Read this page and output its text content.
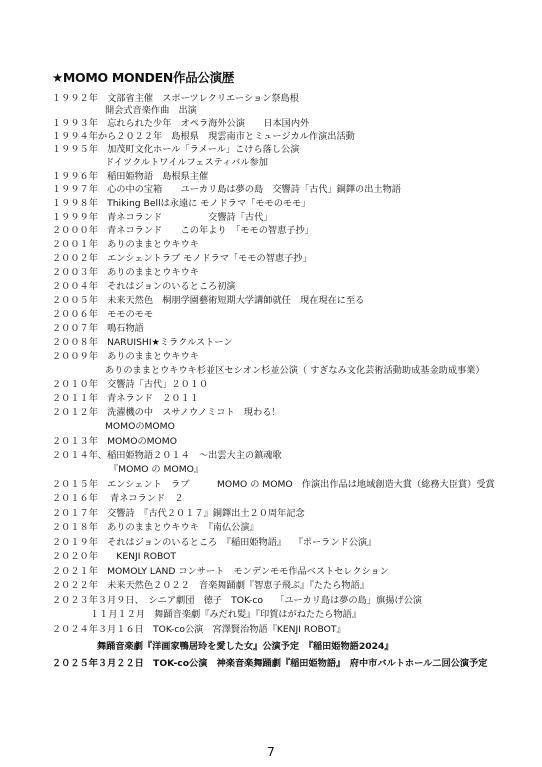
★MOMO MONDEN作品公演歴
１９９２年　文部省主催　スポーツレクリエーション祭島根
開会式音楽作曲　出演
１９９３年　忘れられた少年　オペラ海外公演　　日本国内外
１９９４年から２０２２年　島根県　現雲南市とミュージカル作演出活動
１９９５年　加茂町文化ホール「ラメール」こけら落し公演
ドイツクルトワイルフェスティバル参加
１９９６年　稲田姫物語　島根県主催
１９９７年　心の中の宝箱　　ユーカリ島は夢の島　交響詩「古代」銅鐸の出土物語
１９９８年　Thiking Bellは永遠に モノドラマ「モモのモモ」
１９９９年　青ネコランド　　　　　交響詩「古代」
２０００年　青ネコランド　　この年より　「モモの智恵子抄」
２００１年　ありのままとウキウキ
２００２年　エンシェントラブ モノドラマ「モモの智恵子抄」
２００３年　ありのままとウキウキ
２００４年　それはジョンのいるところ初演
２００５年　未来天然色　桐朋学園藝術短期大学講師就任　現在現在に至る
２００６年　モモのモモ
２００７年　鳴石物語
２００８年　NARUISHI★ミラクルストーン
２００９年　ありのままとウキウキ
ありのままとウキウキ杉並区セシオン杉並公演（ すぎなみ文化芸術活動助成基金助成事業）
２０１０年　交響詩「古代」２０１０
２０１１年　青ネランド　２０１１
２０１２年　洗濯機の中　スサノウノミコト　現わる！
MOMOのMOMO
２０１３年　MOMOのMOMO
２０１４年、稲田姫物語２０１４　〜出雲大主の鎮魂歌
『MOMO の MOMO』
２０１５年　エンシェント　ラブ　　　MOMO の MOMO　作演出作品は地域創造大賞（総務大臣賞）受賞
２０１６年　 青ネコランド　２
２０１７年　交響詩　『古代２０１７』銅鐸出土２０周年記念
２０１８年　ありのままとウキウキ　『南仏公演』
２０１９年　それはジョンのいるところ　『稲田姫物語』　 『ポーランド公演』
２０２０年　　KENJI ROBOT
２０２１年　MOMOLY LAND コンサート　モンデンモモ作品ベストセレクション
２０２２年　未来天然色２０２２　音楽舞踊劇『智恵子飛ぶ』『たたら物語』
２０２３年３月９日、　シニア劇団　徳子　TOK-co　 「ユーカリ島は夢の島」旗揚げ公演
１１月１２月　舞踊音楽劇『みだれ髪』『印賀はがねたたら物語』
２０２４年３月１６日　TOK-co公演　宮澤賢治物語『KENJI ROBOT』
舞踊音楽劇『洋画家鴨居玲を愛した女』公演予定　『稲田姫物語2024』
２０２５年３月２２日　TOK-co公演　神楽音楽舞踊劇『稲田姫物語』　府中市バルトホール二回公演予定
7
